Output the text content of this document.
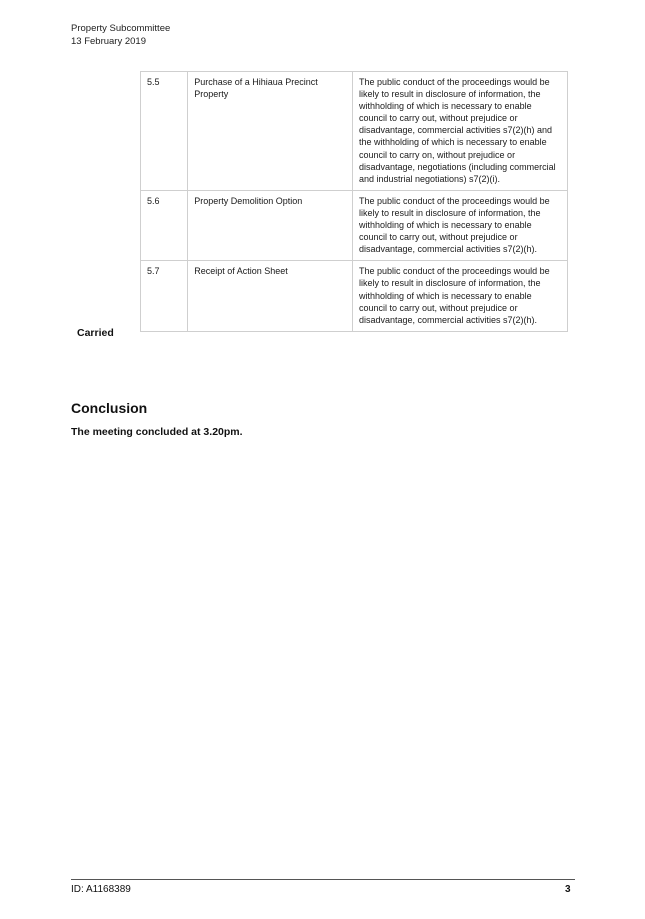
Property Subcommittee
13 February 2019
5.5	Purchase of a Hihiaua Precinct Property	The public conduct of the proceedings would be likely to result in disclosure of information, the withholding of which is necessary to enable council to carry out, without prejudice or disadvantage, commercial activities s7(2)(h) and the withholding of which is necessary to enable council to carry on, without prejudice or disadvantage, negotiations (including commercial and industrial negotiations) s7(2)(i).
5.6	Property Demolition Option	The public conduct of the proceedings would be likely to result in disclosure of information, the withholding of which is necessary to enable council to carry out, without prejudice or disadvantage, commercial activities s7(2)(h).
5.7	Receipt of Action Sheet	The public conduct of the proceedings would be likely to result in disclosure of information, the withholding of which is necessary to enable council to carry out, without prejudice or disadvantage, commercial activities s7(2)(h).
Carried
Conclusion
The meeting concluded at 3.20pm.
ID: A1168389	3
